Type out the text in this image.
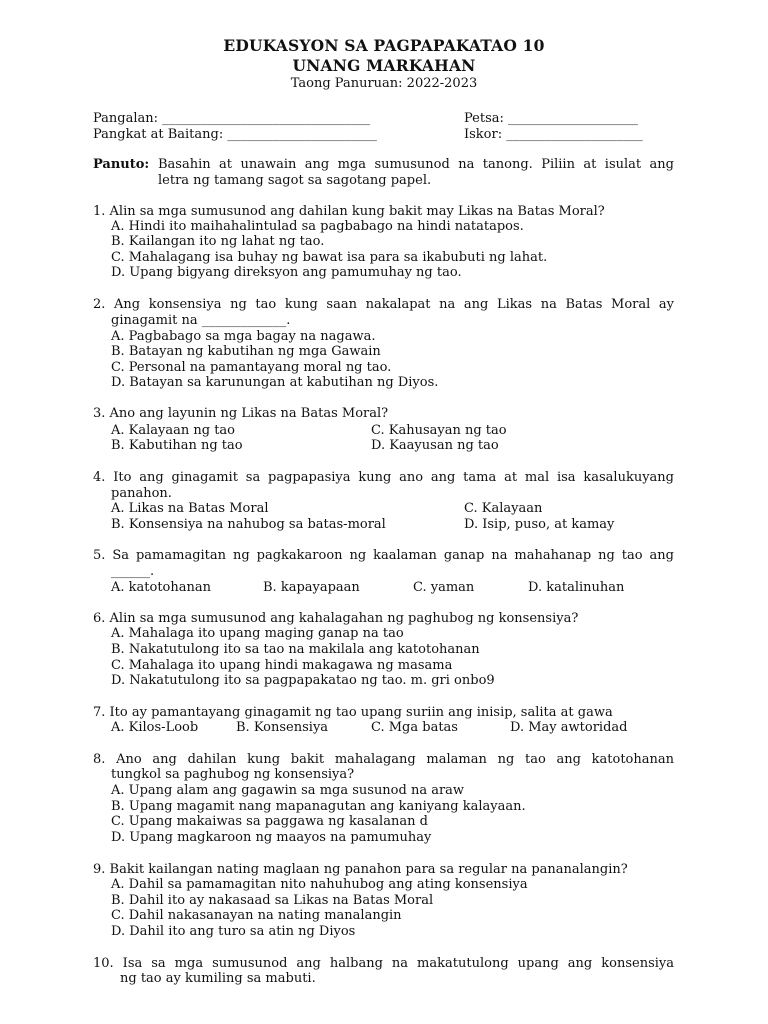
EDUKASYON SA PAGPAPAKATAO 10
UNANG MARKAHAN
Taong Panuruan: 2022-2023
Pangalan: ________________________________	Petsa: ____________________
Pangkat at Baitang: _______________________	Iskor: _____________________
Panuto: Basahin at unawain ang mga sumusunod na tanong. Piliin at isulat ang
letra ng tamang sagot sa sagotang papel.
1. Alin sa mga sumusunod ang dahilan kung bakit may Likas na Batas Moral?
A. Hindi ito maihahalintulad sa pagbabago na hindi natatapos.
B. Kailangan ito ng lahat ng tao.
C. Mahalagang isa buhay ng bawat isa para sa ikabubuti ng lahat.
D. Upang bigyang direksyon ang pamumuhay ng tao.
2. Ang konsensiya ng tao kung saan nakalapat na ang Likas na Batas Moral ay
ginagamit na _____________.
A. Pagbabago sa mga bagay na nagawa.
B. Batayan ng kabutihan ng mga Gawain
C. Personal na pamantayang moral ng tao.
D. Batayan sa karunungan at kabutihan ng Diyos.
3. Ano ang layunin ng Likas na Batas Moral?
A. Kalayaan ng tao	C. Kahusayan ng tao
B. Kabutihan ng tao	D. Kaayusan ng tao
4. Ito ang ginagamit sa pagpapasiya kung ano ang tama at mal isa kasalukuyang
panahon.
A. Likas na Batas Moral	C. Kalayaan
B. Konsensiya na nahubog sa batas-moral	D. Isip, puso, at kamay
5. Sa pamamagitan ng pagkakaroon ng kaalaman ganap na mahahanap ng tao ang
______.
A. katotohanan	B. kapayapaan	C. yaman	D. katalinuhan
6. Alin sa mga sumusunod ang kahalagahan ng paghubog ng konsensiya?
A. Mahalaga ito upang maging ganap na tao
B. Nakatutulong ito sa tao na makilala ang katotohanan
C. Mahalaga ito upang hindi makagawa ng masama
D. Nakatutulong ito sa pagpapakatao ng tao. m. gri onbo9
7. Ito ay pamantayang ginagamit ng tao upang suriin ang inisip, salita at gawa
A. Kilos-Loob	B. Konsensiya	C. Mga batas	D. May awtoridad
8. Ano ang dahilan kung bakit mahalagang malaman ng tao ang katotohanan
tungkol sa paghubog ng konsensiya?
A. Upang alam ang gagawin sa mga susunod na araw
B. Upang magamit nang mapanagutan ang kaniyang kalayaan.
C. Upang makaiwas sa paggawa ng kasalanan d
D. Upang magkaroon ng maayos na pamumuhay
9. Bakit kailangan nating maglaan ng panahon para sa regular na pananalangin?
A. Dahil sa pamamagitan nito nahuhubog ang ating konsensiya
B. Dahil ito ay nakasaad sa Likas na Batas Moral
C. Dahil nakasanayan na nating manalangin
D. Dahil ito ang turo sa atin ng Diyos
10. Isa sa mga sumusunod ang halbang na makatutulong upang ang konsensiya
ng tao ay kumiling sa mabuti.
